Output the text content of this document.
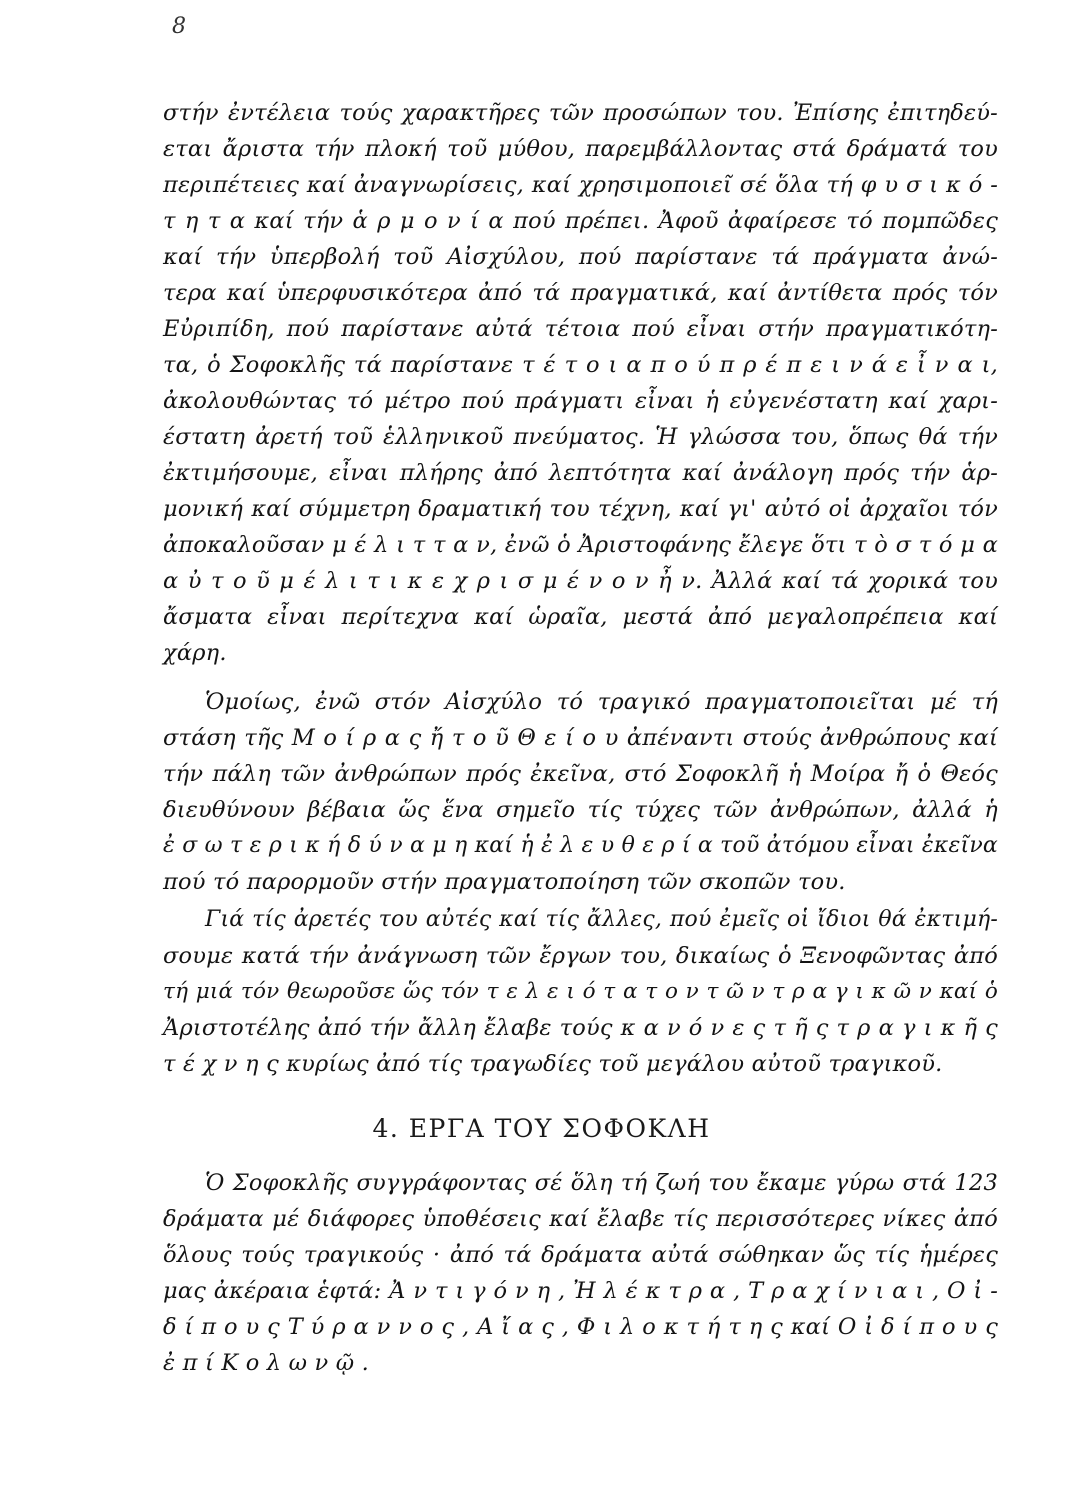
8
στήν ἐντέλεια τούς χαρακτῆρες τῶν προσώπων του. Ἐπίσης ἐπιτηδεύ-
εται ἄριστα τήν πλοκή τοῦ μύθου, παρεμβάλλοντας στά δράματά του
περιπέτειες καί ἀναγνωρίσεις, καί χρησιμοποιεῖ σέ ὅλα τή φ υ σ ι κ ό -
τ η τ α καί τήν ἁ ρ μ ο ν ί α πού πρέπει. Ἀφοῦ ἀφαίρεσε τό πομπῶδες
καί τήν ὑπερβολή τοῦ Αἰσχύλου, πού παρίστανε τά πράγματα ἀνώ-
τερα καί ὑπερφυσικότερα ἀπό τά πραγματικά, καί ἀντίθετα πρός τόν
Εὐριπίδη, πού παρίστανε αὐτά τέτοια πού εἶναι στήν πραγματικότη-
τα, ὁ Σοφοκλῆς τά παρίστανε τ έ τ ο ι α π ο ύ π ρ έ π ε ι ν ά ε ἶ ν α ι,
ἀκολουθώντας τό μέτρο πού πράγματι εἶναι ἡ εὐγενέστατη καί χαρι-
έστατη ἀρετή τοῦ ἑλληνικοῦ πνεύματος. Ἡ γλώσσα του, ὅπως θά τήν
ἐκτιμήσουμε, εἶναι πλήρης ἀπό λεπτότητα καί ἀνάλογη πρός τήν ἁρ-
μονική καί σύμμετρη δραματική του τέχνη, καί γι' αὐτό οἱ ἀρχαῖοι τόν
ἀποκαλοῦσαν μ έ λ ι τ τ α ν, ἐνῶ ὁ Ἀριστοφάνης ἔλεγε ὅτι τ ὸ σ τ ό μ α
α ὐ τ ο ῦ μ έ λ ι τ ι κ ε χ ρ ι σ μ έ ν ο ν ἦ ν. Ἀλλά καί τά χορικά του
ἄσματα εἶναι περίτεχνα καί ὡραῖα, μεστά ἀπό μεγαλοπρέπεια καί
χάρη.
Ὁμοίως, ἐνῶ στόν Αἰσχύλο τό τραγικό πραγματοποιεῖται μέ τή
στάση τῆς Μ ο ί ρ α ς ἤ τ ο ῦ Θ ε ί ο υ ἀπέναντι στούς ἀνθρώπους καί
τήν πάλη τῶν ἀνθρώπων πρός ἐκεῖνα, στό Σοφοκλῆ ἡ Μοίρα ἤ ὁ Θεός
διευθύνουν βέβαια ὥς ἕνα σημεῖο τίς τύχες τῶν ἀνθρώπων, ἀλλά ἡ
ἐ σ ω τ ε ρ ι κ ή δ ύ ν α μ η καί ἡ ἐ λ ε υ θ ε ρ ί α τοῦ ἀτόμου εἶναι ἐκεῖνα
πού τό παρορμοῦν στήν πραγματοποίηση τῶν σκοπῶν του.
Γιά τίς ἀρετές του αὐτές καί τίς ἄλλες, πού ἐμεῖς οἱ ἴδιοι θά ἐκτιμή-
σουμε κατά τήν ἀνάγνωση τῶν ἔργων του, δικαίως ὁ Ξενοφῶντας ἀπό
τή μιά τόν θεωροῦσε ὥς τόν τ ε λ ε ι ό τ α τ ο ν τ ῶ ν τ ρ α γ ι κ ῶ ν καί ὁ
Ἀριστοτέλης ἀπό τήν ἄλλη ἔλαβε τούς κ α ν ό ν ε ς τ ῆ ς τ ρ α γ ι κ ῆ ς
τ έ χ ν η ς κυρίως ἀπό τίς τραγωδίες τοῦ μεγάλου αὐτοῦ τραγικοῦ.
4. ΕΡΓΑ ΤΟΥ ΣΟΦΟΚΛΗ
Ὁ Σοφοκλῆς συγγράφοντας σέ ὅλη τή ζωή του ἔκαμε γύρω στά 123
δράματα μέ διάφορες ὑποθέσεις καί ἔλαβε τίς περισσότερες νίκες ἀπό
ὅλους τούς τραγικούς · ἀπό τά δράματα αὐτά σώθηκαν ὥς τίς ἡμέρες
μας ἀκέραια ἑφτά: Ἀ ν τ ι γ ό ν η , Ἠ λ έ κ τ ρ α , Τ ρ α χ ί ν ι α ι , Ο ἰ -
δ ί π ο υ ς Τ ύ ρ α ν ν ο ς , Α ἴ α ς , Φ ι λ ο κ τ ή τ η ς καί Ο ἰ δ ί π ο υ ς
ἐ π ί Κ ο λ ω ν ῷ .
